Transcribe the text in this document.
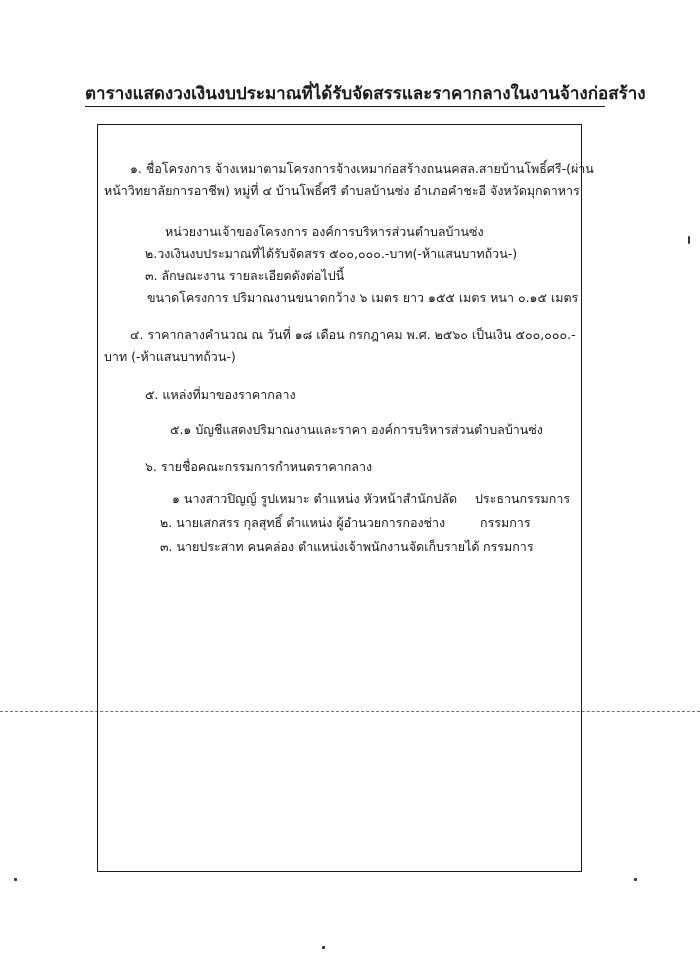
ตารางแสดงวงเงินงบประมาณที่ได้รับจัดสรรและราคากลางในงานจ้างก่อสร้าง
๑. ชื่อโครงการ จ้างเหมาตามโครงการจ้างเหมาก่อสร้างถนนคสล.สายบ้านโพธิ์ศรี-(ผ่าน
หน้าวิทยาลัยการอาชีพ) หมู่ที่ ๔ บ้านโพธิ์ศรี ตำบลบ้านซ่ง อำเภอคำชะอี จังหวัดมุกดาหาร
หน่วยงานเจ้าของโครงการ องค์การบริหารส่วนตำบลบ้านซ่ง
๒.วงเงินงบประมาณที่ได้รับจัดสรร ๕๐๐,๐๐๐.-บาท(-ห้าแสนบาทถ้วน-)
๓. ลักษณะงาน รายละเอียดดังต่อไปนี้
ขนาดโครงการ ปริมาณงานขนาดกว้าง ๖ เมตร ยาว ๑๕๕ เมตร หนา ๐.๑๕ เมตร
๔. ราคากลางคำนวณ ณ วันที่ ๑๘ เดือน กรกฎาคม พ.ศ. ๒๕๖๐ เป็นเงิน ๕๐๐,๐๐๐.-
บาท (-ห้าแสนบาทถ้วน-)
๕. แหล่งที่มาของราคากลาง
๕.๑ บัญชีแสดงปริมาณงานและราคา องค์การบริหารส่วนตำบลบ้านซ่ง
๖. รายชื่อคณะกรรมการกำหนดราคากลาง
๑ นางสาวปิญญ์ รูปเหมาะ ตำแหน่ง หัวหน้าสำนักปลัด ประธานกรรมการ
๒. นายเสกสรร กุลสุทธิ์ ตำแหน่ง ผู้อำนวยการกองช่าง	กรรมการ
๓. นายประสาท คนคล่อง ตำแหน่งเจ้าพนักงานจัดเก็บรายได้ กรรมการ
